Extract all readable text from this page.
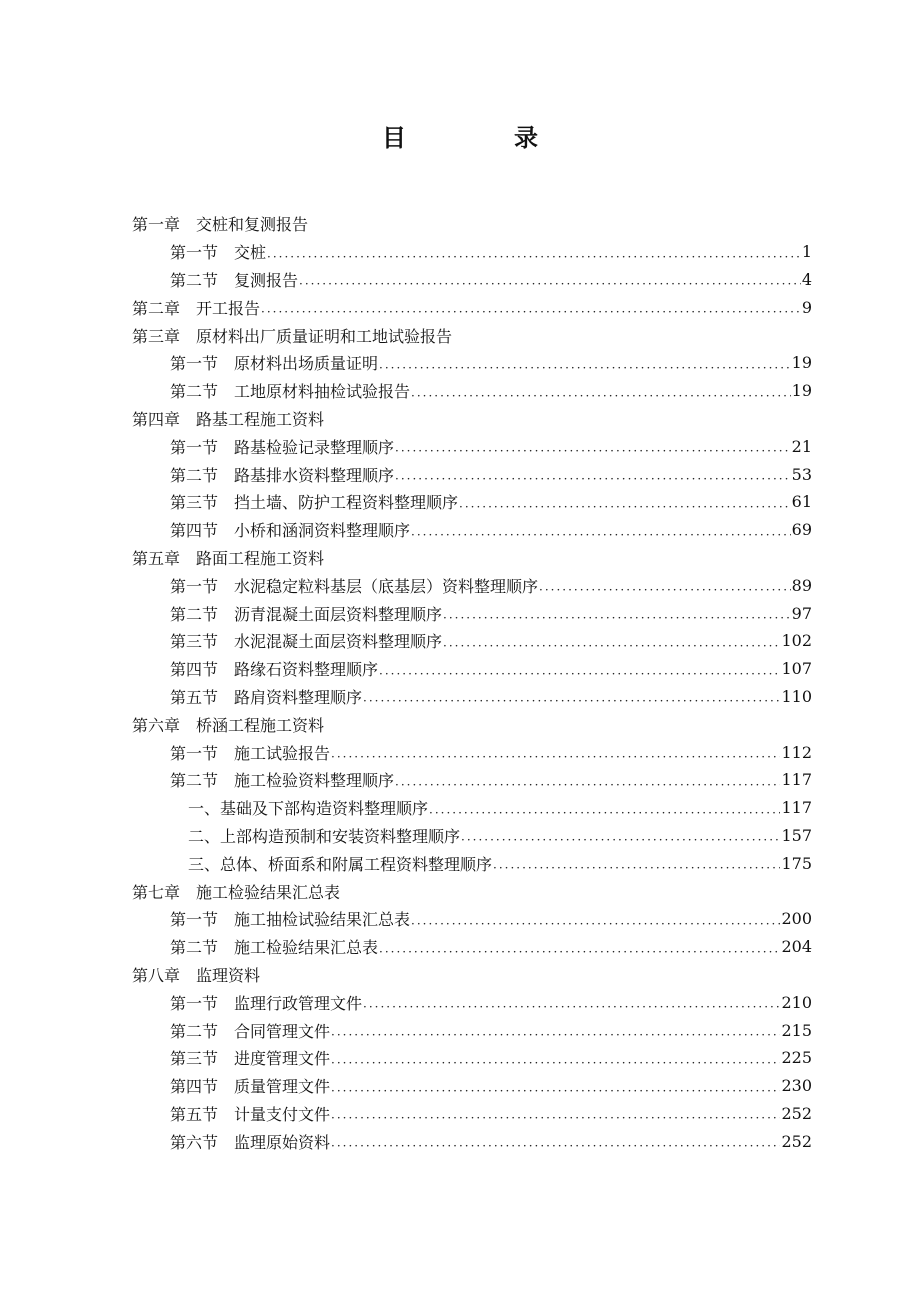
目　录
第一章 交桩和复测报告
第一节 交桩 ·····	1
第二节 复测报告 ·····	4
第二章 开工报告 ·····	9
第三章 原材料出厂质量证明和工地试验报告
第一节 原材料出场质量证明 ·····	19
第二节 工地原材料抽检试验报告 ·····	19
第四章 路基工程施工资料
第一节 路基检验记录整理顺序 ·····	21
第二节 路基排水资料整理顺序 ·····	53
第三节 挡土墙、防护工程资料整理顺序 ·····	61
第四节 小桥和涵洞资料整理顺序 ·····	69
第五章 路面工程施工资料
第一节 水泥稳定粒料基层（底基层）资料整理顺序 ·····	89
第二节 沥青混凝土面层资料整理顺序 ·····	97
第三节 水泥混凝土面层资料整理顺序 ·····	102
第四节 路缘石资料整理顺序 ·····	107
第五节 路肩资料整理顺序 ·····	110
第六章 桥涵工程施工资料
第一节 施工试验报告 ·····	112
第二节 施工检验资料整理顺序 ·····	117
一、基础及下部构造资料整理顺序 ·····	117
二、上部构造预制和安装资料整理顺序 ·····	157
三、总体、桥面系和附属工程资料整理顺序 ·····	175
第七章 施工检验结果汇总表
第一节 施工抽检试验结果汇总表 ·····	200
第二节 施工检验结果汇总表 ·····	204
第八章 监理资料
第一节 监理行政管理文件 ·····	210
第二节 合同管理文件 ·····	215
第三节 进度管理文件 ·····	225
第四节 质量管理文件 ·····	230
第五节 计量支付文件 ·····	252
第六节 监理原始资料 ·····	252
